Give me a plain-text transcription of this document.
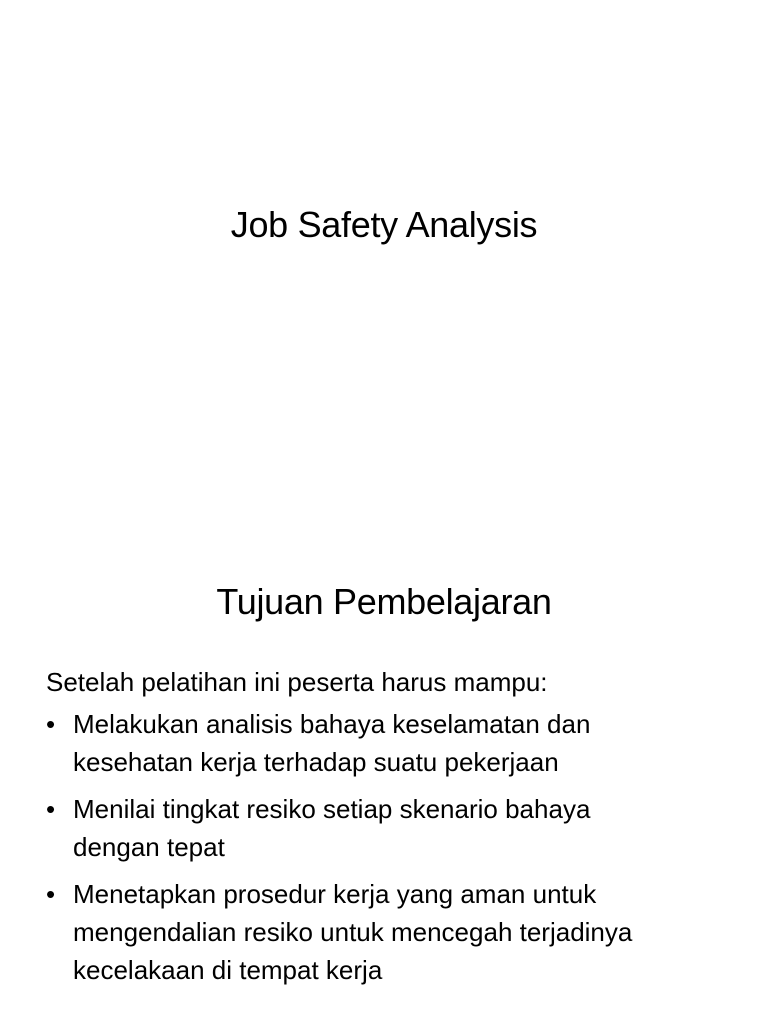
Job Safety Analysis
Tujuan Pembelajaran
Setelah pelatihan ini peserta harus mampu:
• Melakukan analisis bahaya keselamatan dan
kesehatan kerja terhadap suatu pekerjaan
• Menilai tingkat resiko setiap skenario bahaya
dengan tepat
• Menetapkan prosedur kerja yang aman untuk
mengendalian resiko untuk mencegah terjadinya
kecelakaan di tempat kerja
